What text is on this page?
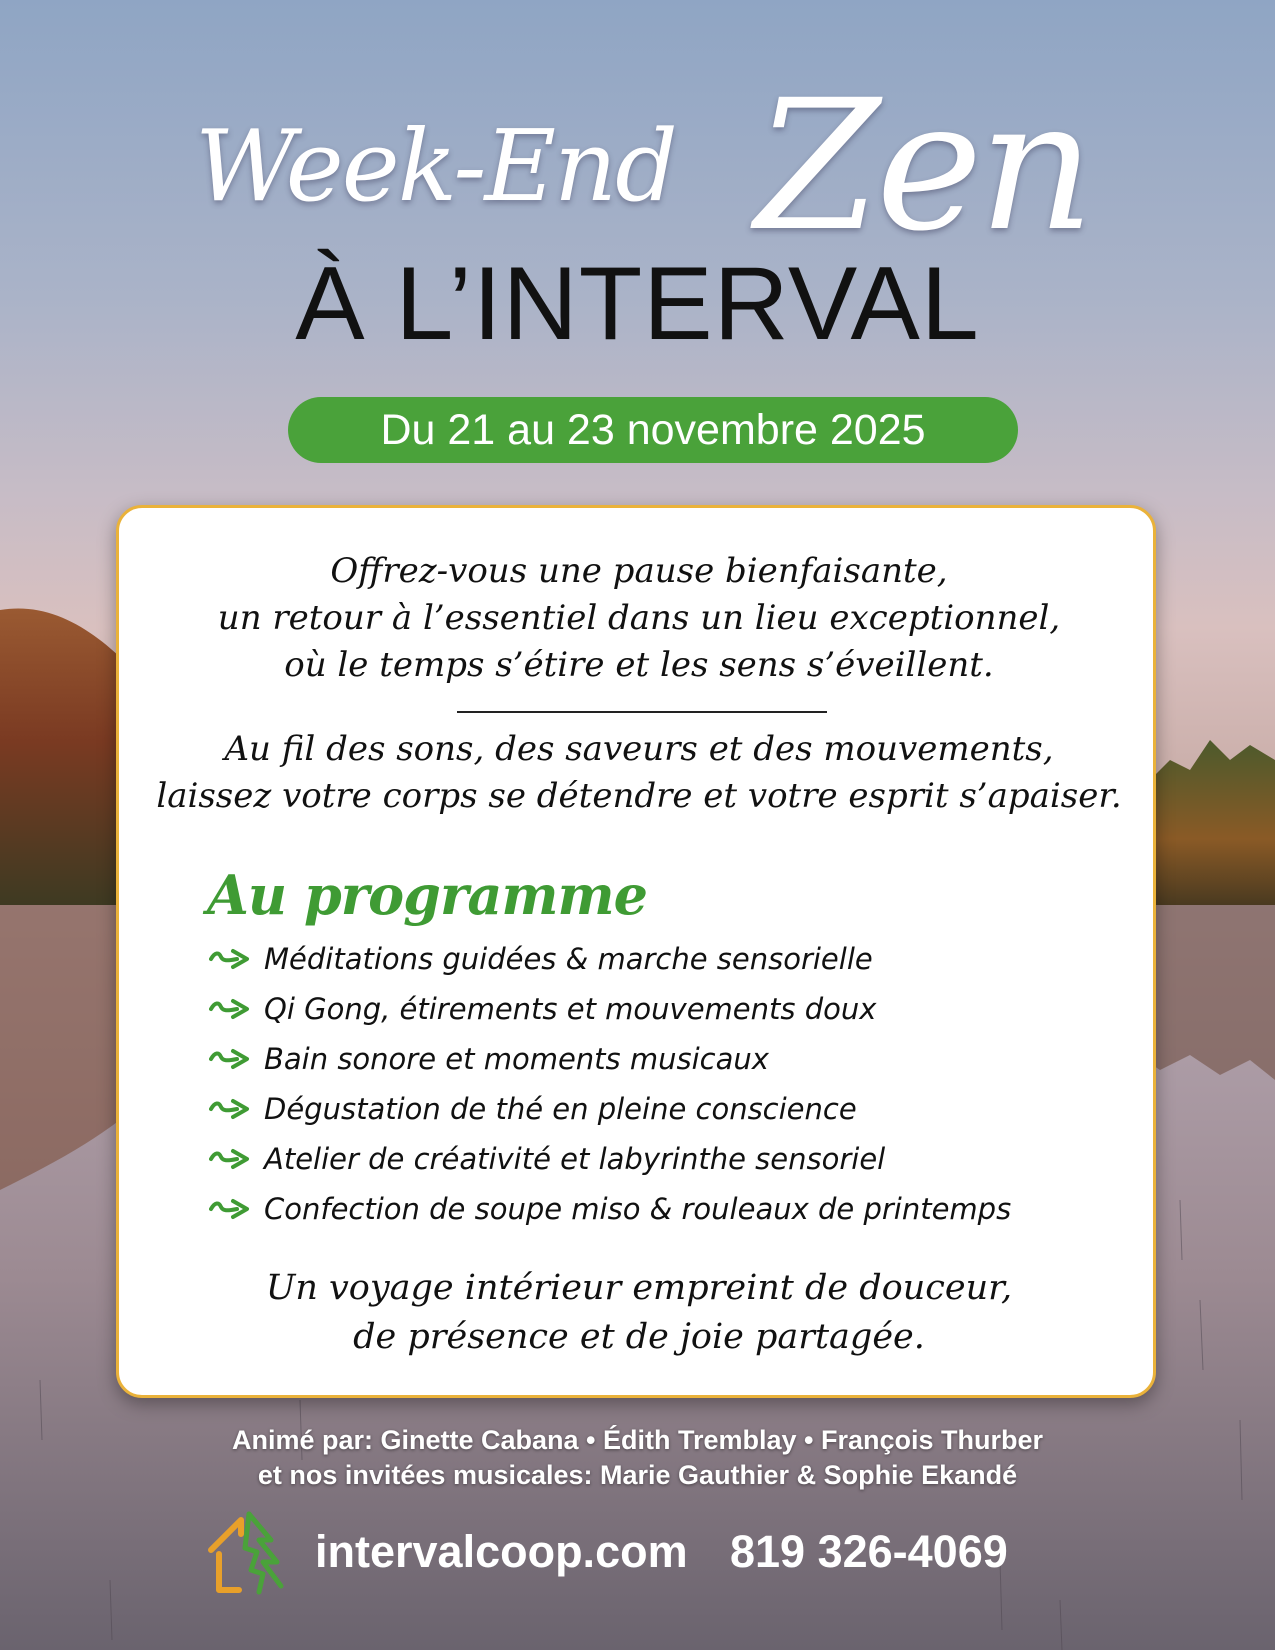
Week-End Zen
À L’INTERVAL
Du 21 au 23 novembre 2025
Offrez-vous une pause bienfaisante,
un retour à l’essentiel dans un lieu exceptionnel,
où le temps s’étire et les sens s’éveillent.
Au fil des sons, des saveurs et des mouvements,
laissez votre corps se détendre et votre esprit s’apaiser.
Au programme
Méditations guidées & marche sensorielle
Qi Gong, étirements et mouvements doux
Bain sonore et moments musicaux
Dégustation de thé en pleine conscience
Atelier de créativité et labyrinthe sensoriel
Confection de soupe miso & rouleaux de printemps
Un voyage intérieur empreint de douceur,
de présence et de joie partagée.
Animé par: Ginette Cabana • Édith Tremblay • François Thurber
et nos invitées musicales: Marie Gauthier & Sophie Ekandé
intervalcoop.com 819 326-4069
